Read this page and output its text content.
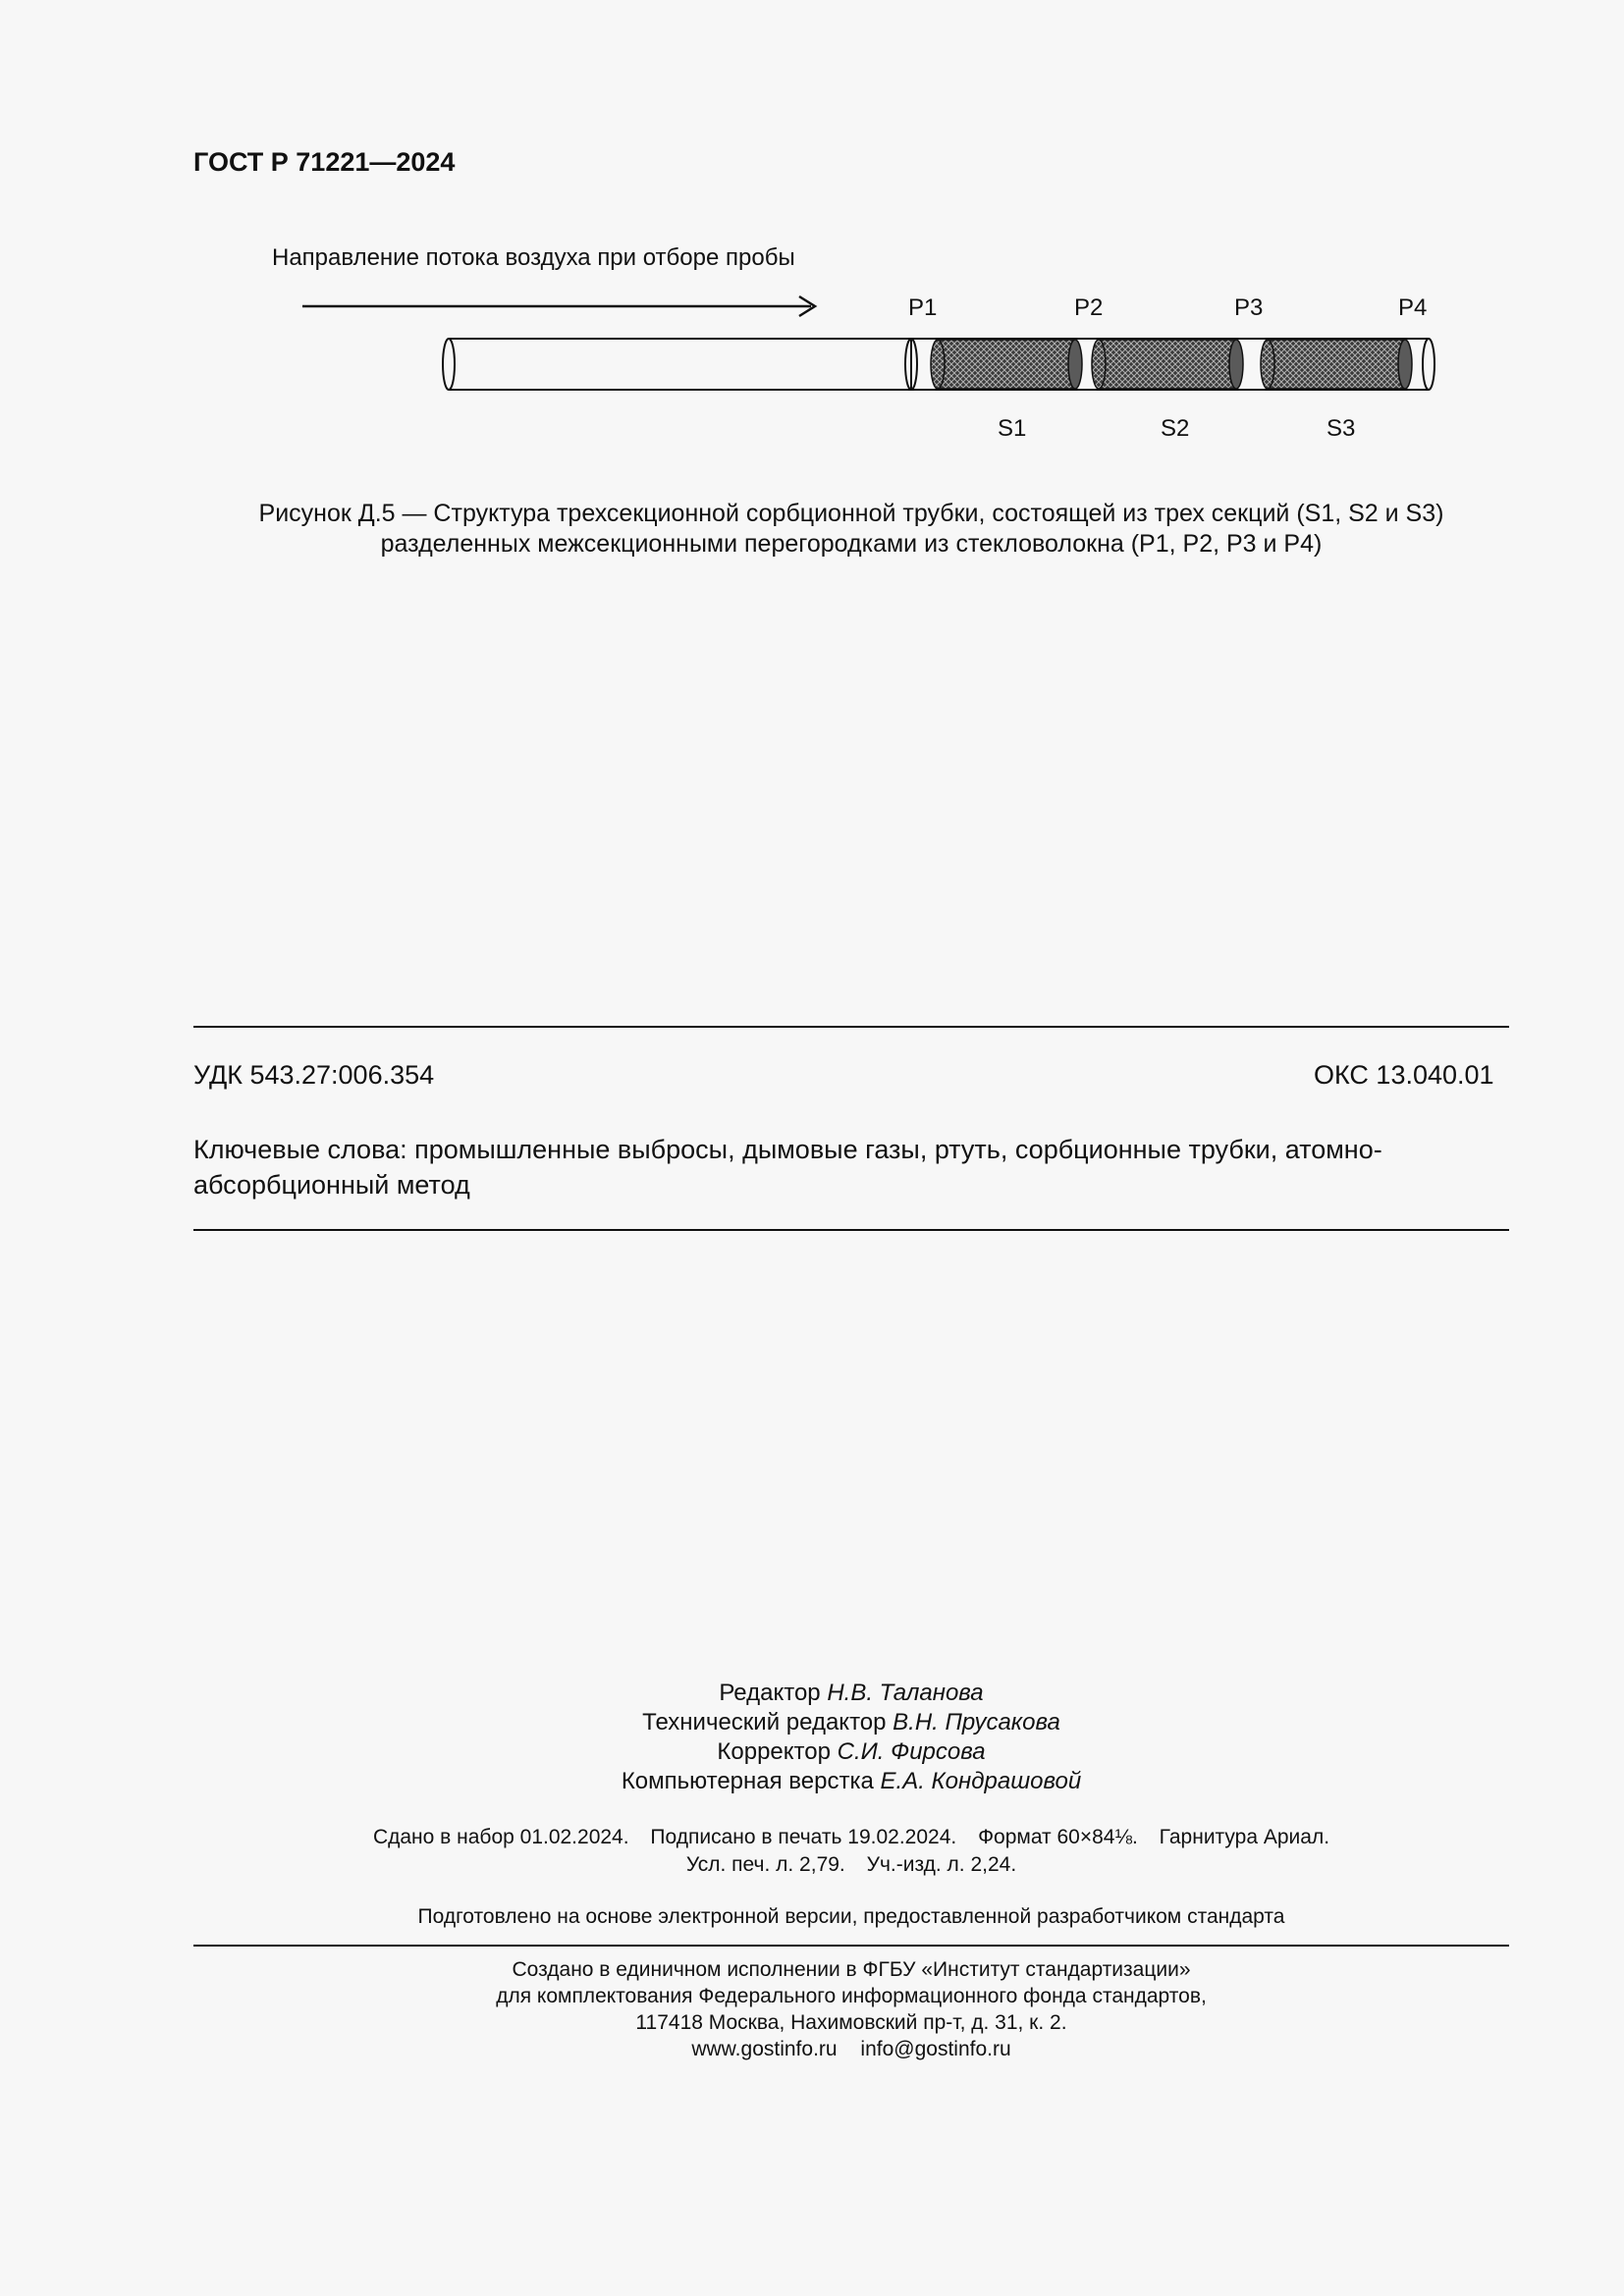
ГОСТ Р 71221—2024
Направление потока воздуха при отборе пробы
P1	P2	P3	P4
S1	S2	S3
Рисунок Д.5 — Структура трехсекционной сорбционной трубки, состоящей из трех секций (S1, S2 и S3)
разделенных межсекционными перегородками из стекловолокна (P1, P2, P3 и P4)
УДК 543.27:006.354	ОКС 13.040.01
Ключевые слова: промышленные выбросы, дымовые газы, ртуть, сорбционные трубки, атомно-абсорбционный метод
Редактор Н.В. Таланова
Технический редактор В.Н. Прусакова
Корректор С.И. Фирсова
Компьютерная верстка Е.А. Кондрашовой
Сдано в набор 01.02.2024. Подписано в печать 19.02.2024. Формат 60×84⅛. Гарнитура Ариал.
Усл. печ. л. 2,79. Уч.-изд. л. 2,24.
Подготовлено на основе электронной версии, предоставленной разработчиком стандарта
Создано в единичном исполнении в ФГБУ «Институт стандартизации»
для комплектования Федерального информационного фонда стандартов,
117418 Москва, Нахимовский пр-т, д. 31, к. 2.
www.gostinfo.ru info@gostinfo.ru
